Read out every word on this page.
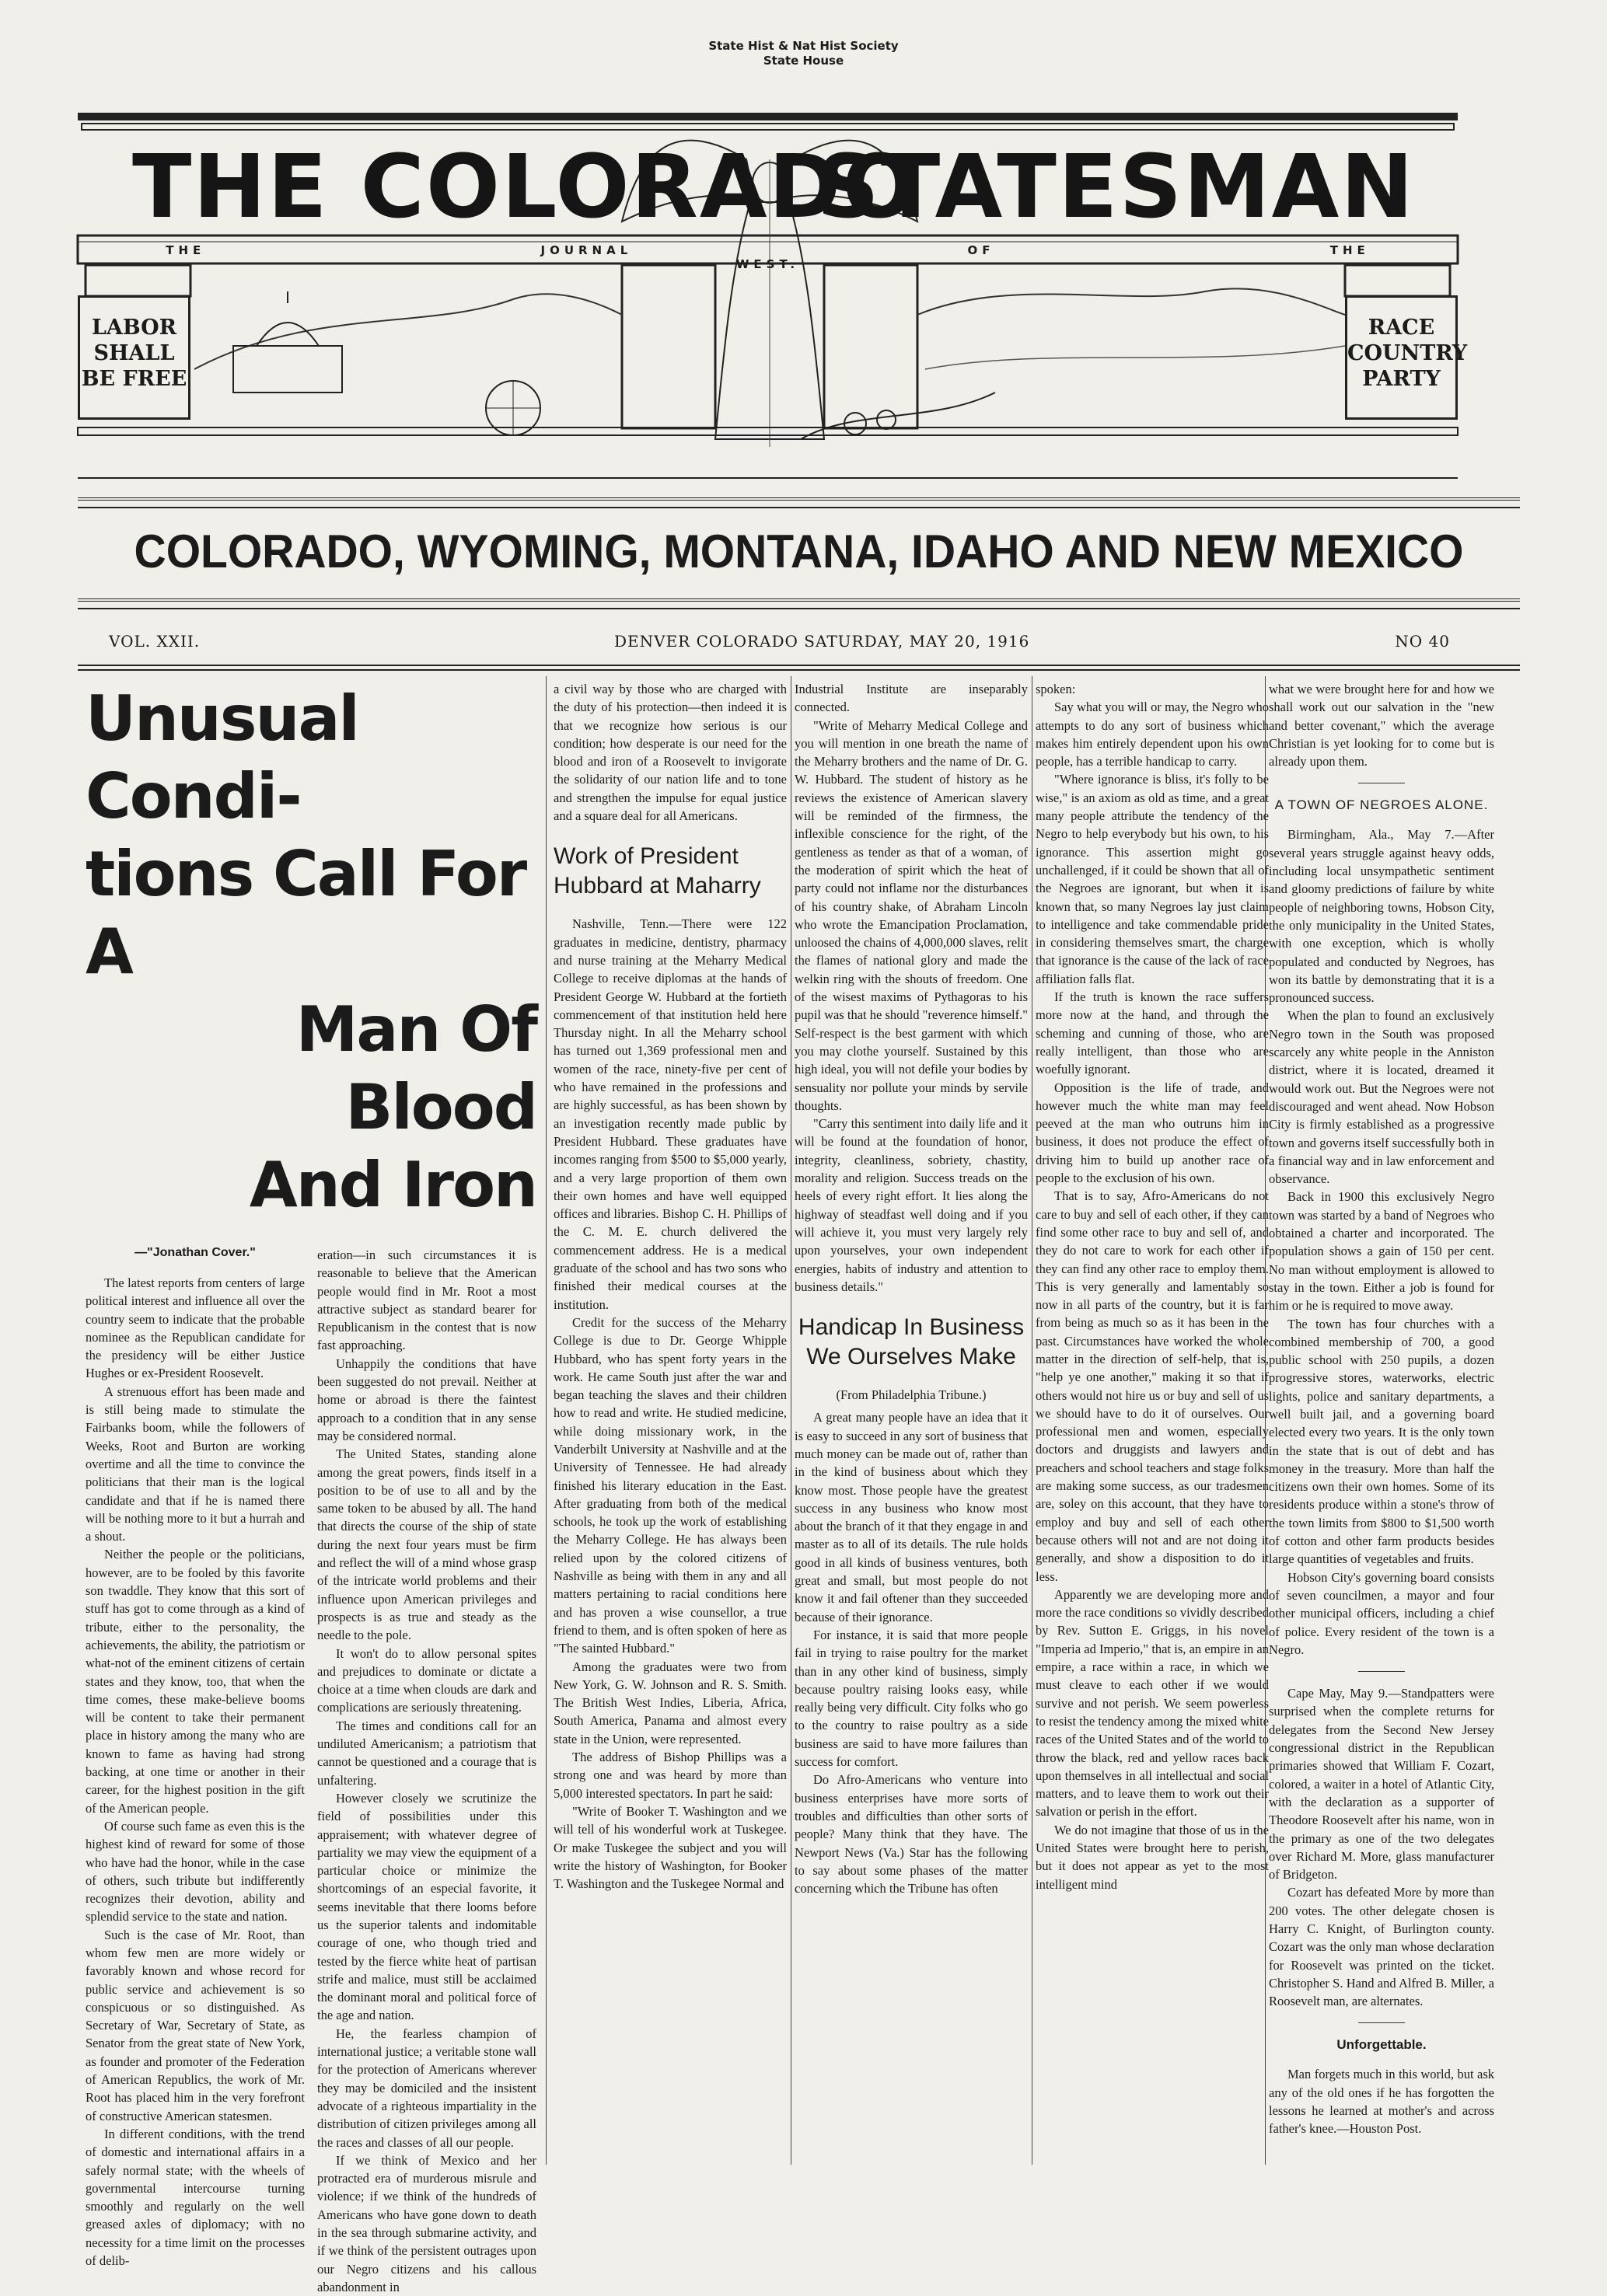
State Hist & Nat Hist Society
State House
THE COLORADO
STATESMAN
THE JOURNAL OF THE WEST.
LABOR SHALL BE FREE
RACE COUNTRY PARTY
COLORADO, WYOMING, MONTANA, IDAHO AND NEW MEXICO
VOL. XXII.	DENVER COLORADO SATURDAY, MAY 20, 1916	NO 40
Unusual Condi-
tions Call For A
Man Of Blood
And Iron
—"Jonathan Cover."

The latest reports from centers of large political interest and influence all over the country seem to indicate that the probable nominee as the Republican candidate for the presidency will be either Justice Hughes or ex-President Roosevelt.

A strenuous effort has been made and is still being made to stimulate the Fairbanks boom, while the followers of Weeks, Root and Burton are working overtime and all the time to convince the politicians that their man is the logical candidate and that if he is named there will be nothing more to it but a hurrah and a shout.

Neither the people or the politicians, however, are to be fooled by this favorite son twaddle. They know that this sort of stuff has got to come through as a kind of tribute, either to the personality, the achievements, the ability, the patriotism or what-not of the eminent citizens of certain states and they know, too, that when the time comes, these make-believe booms will be content to take their permanent place in history among the many who are known to fame as having had strong backing, at one time or another in their career, for the highest position in the gift of the American people.

Of course such fame as even this is the highest kind of reward for some of those who have had the honor, while in the case of others, such tribute but indifferently recognizes their devotion, ability and splendid service to the state and nation.

Such is the case of Mr. Root, than whom few men are more widely or favorably known and whose record for public service and achievement is so conspicuous or so distinguished. As Secretary of War, Secretary of State, as Senator from the great state of New York, as founder and promoter of the Federation of American Republics, the work of Mr. Root has placed him in the very forefront of constructive American statesmen.

In different conditions, with the trend of domestic and international affairs in a safely normal state; with the wheels of governmental intercourse turning smoothly and regularly on the well greased axles of diplomacy; with no necessity for a time limit on the processes of delib-

eration—in such circumstances it is reasonable to believe that the American people would find in Mr. Root a most attractive subject as standard bearer for Republicanism in the contest that is now fast approaching.

Unhappily the conditions that have been suggested do not prevail. Neither at home or abroad is there the faintest approach to a condition that in any sense may be considered normal.

The United States, standing alone among the great powers, finds itself in a position to be of use to all and by the same token to be abused by all. The hand that directs the course of the ship of state during the next four years must be firm and reflect the will of a mind whose grasp of the intricate world problems and their influence upon American privileges and prospects is as true and steady as the needle to the pole.

It won't do to allow personal spites and prejudices to dominate or dictate a choice at a time when clouds are dark and complications are seriously threatening.

The times and conditions call for an undiluted Americanism; a patriotism that cannot be questioned and a courage that is unfaltering.

However closely we scrutinize the field of possibilities under this appraisement; with whatever degree of partiality we may view the equipment of a particular choice or minimize the shortcomings of an especial favorite, it seems inevitable that there looms before us the superior talents and indomitable courage of one, who though tried and tested by the fierce white heat of partisan strife and malice, must still be acclaimed the dominant moral and political force of the age and nation.

He, the fearless champion of international justice; a veritable stone wall for the protection of Americans wherever they may be domiciled and the insistent advocate of a righteous impartiality in the distribution of citizen privileges among all the races and classes of all our people.

If we think of Mexico and her protracted era of murderous misrule and violence; if we think of the hundreds of Americans who have gone down to death in the sea through submarine activity, and if we think of the persistent outrages upon our Negro citizens and his callous abandonment in

a civil way by those who are charged with the duty of his protection—then indeed it is that we recognize how serious is our condition; how desperate is our need for the blood and iron of a Roosevelt to invigorate the solidarity of our nation life and to tone and strengthen the impulse for equal justice and a square deal for all Americans.

Work of President Hubbard at Maharry

Nashville, Tenn.—There were 122 graduates in medicine, dentistry, pharmacy and nurse training at the Meharry Medical College to receive diplomas at the hands of President George W. Hubbard at the fortieth commencement of that institution held here Thursday night. In all the Meharry school has turned out 1,369 professional men and women of the race, ninety-five per cent of who have remained in the professions and are highly successful, as has been shown by an investigation recently made public by President Hubbard. These graduates have incomes ranging from $500 to $5,000 yearly, and a very large proportion of them own their own homes and have well equipped offices and libraries. Bishop C. H. Phillips of the C. M. E. church delivered the commencement address. He is a medical graduate of the school and has two sons who finished their medical courses at the institution.

Credit for the success of the Meharry College is due to Dr. George Whipple Hubbard, who has spent forty years in the work. He came South just after the war and began teaching the slaves and their children how to read and write. He studied medicine, while doing missionary work, in the Vanderbilt University at Nashville and at the University of Tennessee. He had already finished his literary education in the East. After graduating from both of the medical schools, he took up the work of establishing the Meharry College. He has always been relied upon by the colored citizens of Nashville as being with them in any and all matters pertaining to racial conditions here and has proven a wise counsellor, a true friend to them, and is often spoken of here as "The sainted Hubbard."

Among the graduates were two from New York, G. W. Johnson and R. S. Smith. The British West Indies, Liberia, Africa, South America, Panama and almost every state in the Union, were represented.

The address of Bishop Phillips was a strong one and was heard by more than 5,000 interested spectators. In part he said:

"Write of Booker T. Washington and we will tell of his wonderful work at Tuskegee. Or make Tuskegee the subject and you will write the history of Washington, for Booker T. Washington and the Tuskegee Normal and

Industrial Institute are inseparably connected.

"Write of Meharry Medical College and you will mention in one breath the name of the Meharry brothers and the name of Dr. G. W. Hubbard. The student of history as he reviews the existence of American slavery will be reminded of the firmness, the inflexible conscience for the right, of the gentleness as tender as that of a woman, of the moderation of spirit which the heat of party could not inflame nor the disturbances of his country shake, of Abraham Lincoln who wrote the Emancipation Proclamation, unloosed the chains of 4,000,000 slaves, relit the flames of national glory and made the welkin ring with the shouts of freedom. One of the wisest maxims of Pythagoras to his pupil was that he should "reverence himself." Self-respect is the best garment with which you may clothe yourself. Sustained by this high ideal, you will not defile your bodies by sensuality nor pollute your minds by servile thoughts.

"Carry this sentiment into daily life and it will be found at the foundation of honor, integrity, cleanliness, sobriety, chastity, morality and religion. Success treads on the heels of every right effort. It lies along the highway of steadfast well doing and if you will achieve it, you must very largely rely upon yourselves, your own independent energies, habits of industry and attention to business details."

Handicap In Business We Ourselves Make
(From Philadelphia Tribune.)

A great many people have an idea that it is easy to succeed in any sort of business that much money can be made out of, rather than in the kind of business about which they know most. Those people have the greatest success in any business who know most about the branch of it that they engage in and master as to all of its details. The rule holds good in all kinds of business ventures, both great and small, but most people do not know it and fail oftener than they succeeded because of their ignorance.

For instance, it is said that more people fail in trying to raise poultry for the market than in any other kind of business, simply because poultry raising looks easy, while really being very difficult. City folks who go to the country to raise poultry as a side business are said to have more failures than success for comfort.

Do Afro-Americans who venture into business enterprises have more sorts of troubles and difficulties than other sorts of people? Many think that they have. The Newport News (Va.) Star has the following to say about some phases of the matter concerning which the Tribune has often

spoken:

Say what you will or may, the Negro who attempts to do any sort of business which makes him entirely dependent upon his own people, has a terrible handicap to carry.

"Where ignorance is bliss, it's folly to be wise," is an axiom as old as time, and a great many people attribute the tendency of the Negro to help everybody but his own, to his ignorance. This assertion might go unchallenged, if it could be shown that all of the Negroes are ignorant, but when it is known that, so many Negroes lay just claim to intelligence and take commendable pride in considering themselves smart, the charge that ignorance is the cause of the lack of race affiliation falls flat.

If the truth is known the race suffers more now at the hand, and through the scheming and cunning of those, who are really intelligent, than those who are woefully ignorant.

Opposition is the life of trade, and however much the white man may feel peeved at the man who outruns him in business, it does not produce the effect of driving him to build up another race of people to the exclusion of his own.

That is to say, Afro-Americans do not care to buy and sell of each other, if they can find some other race to buy and sell of, and they do not care to work for each other if they can find any other race to employ them. This is very generally and lamentably so now in all parts of the country, but it is far from being as much so as it has been in the past. Circumstances have worked the whole matter in the direction of self-help, that is, "help ye one another," making it so that if others would not hire us or buy and sell of us we should have to do it of ourselves. Our professional men and women, especially doctors and druggists and lawyers and preachers and school teachers and stage folks are making some success, as our tradesmen are, soley on this account, that they have to employ and buy and sell of each other because others will not and are not doing it generally, and show a disposition to do it less.

Apparently we are developing more and more the race conditions so vividly described by Rev. Sutton E. Griggs, in his novel "Imperia ad Imperio," that is, an empire in an empire, a race within a race, in which we must cleave to each other if we would survive and not perish. We seem powerless to resist the tendency among the mixed white races of the United States and of the world to throw the black, red and yellow races back upon themselves in all intellectual and social matters, and to leave them to work out their salvation or perish in the effort.

We do not imagine that those of us in the United States were brought here to perish, but it does not appear as yet to the most intelligent mind

what we were brought here for and how we shall work out our salvation in the "new and better covenant," which the average Christian is yet looking for to come but is already upon them.

A TOWN OF NEGROES ALONE.

Birmingham, Ala., May 7.—After several years struggle against heavy odds, including local unsympathetic sentiment and gloomy predictions of failure by white people of neighboring towns, Hobson City, the only municipality in the United States, with one exception, which is wholly populated and conducted by Negroes, has won its battle by demonstrating that it is a pronounced success.

When the plan to found an exclusively Negro town in the South was proposed scarcely any white people in the Anniston district, where it is located, dreamed it would work out. But the Negroes were not discouraged and went ahead. Now Hobson City is firmly established as a progressive town and governs itself successfully both in a financial way and in law enforcement and observance.

Back in 1900 this exclusively Negro town was started by a band of Negroes who obtained a charter and incorporated. The population shows a gain of 150 per cent. No man without employment is allowed to stay in the town. Either a job is found for him or he is required to move away.

The town has four churches with a combined membership of 700, a good public school with 250 pupils, a dozen progressive stores, waterworks, electric lights, police and sanitary departments, a well built jail, and a governing board elected every two years. It is the only town in the state that is out of debt and has money in the treasury. More than half the citizens own their own homes. Some of its residents produce within a stone's throw of the town limits from $800 to $1,500 worth of cotton and other farm products besides large quantities of vegetables and fruits.

Hobson City's governing board consists of seven councilmen, a mayor and four other municipal officers, including a chief of police. Every resident of the town is a Negro.

Cape May, May 9.—Standpatters were surprised when the complete returns for delegates from the Second New Jersey congressional district in the Republican primaries showed that William F. Cozart, colored, a waiter in a hotel of Atlantic City, with the declaration as a supporter of Theodore Roosevelt after his name, won in the primary as one of the two delegates over Richard M. More, glass manufacturer of Bridgeton.

Cozart has defeated More by more than 200 votes. The other delegate chosen is Harry C. Knight, of Burlington county. Cozart was the only man whose declaration for Roosevelt was printed on the ticket. Christopher S. Hand and Alfred B. Miller, a Roosevelt man, are alternates.

Unforgettable.

Man forgets much in this world, but ask any of the old ones if he has forgotten the lessons he learned at mother's and across father's knee.—Houston Post.
